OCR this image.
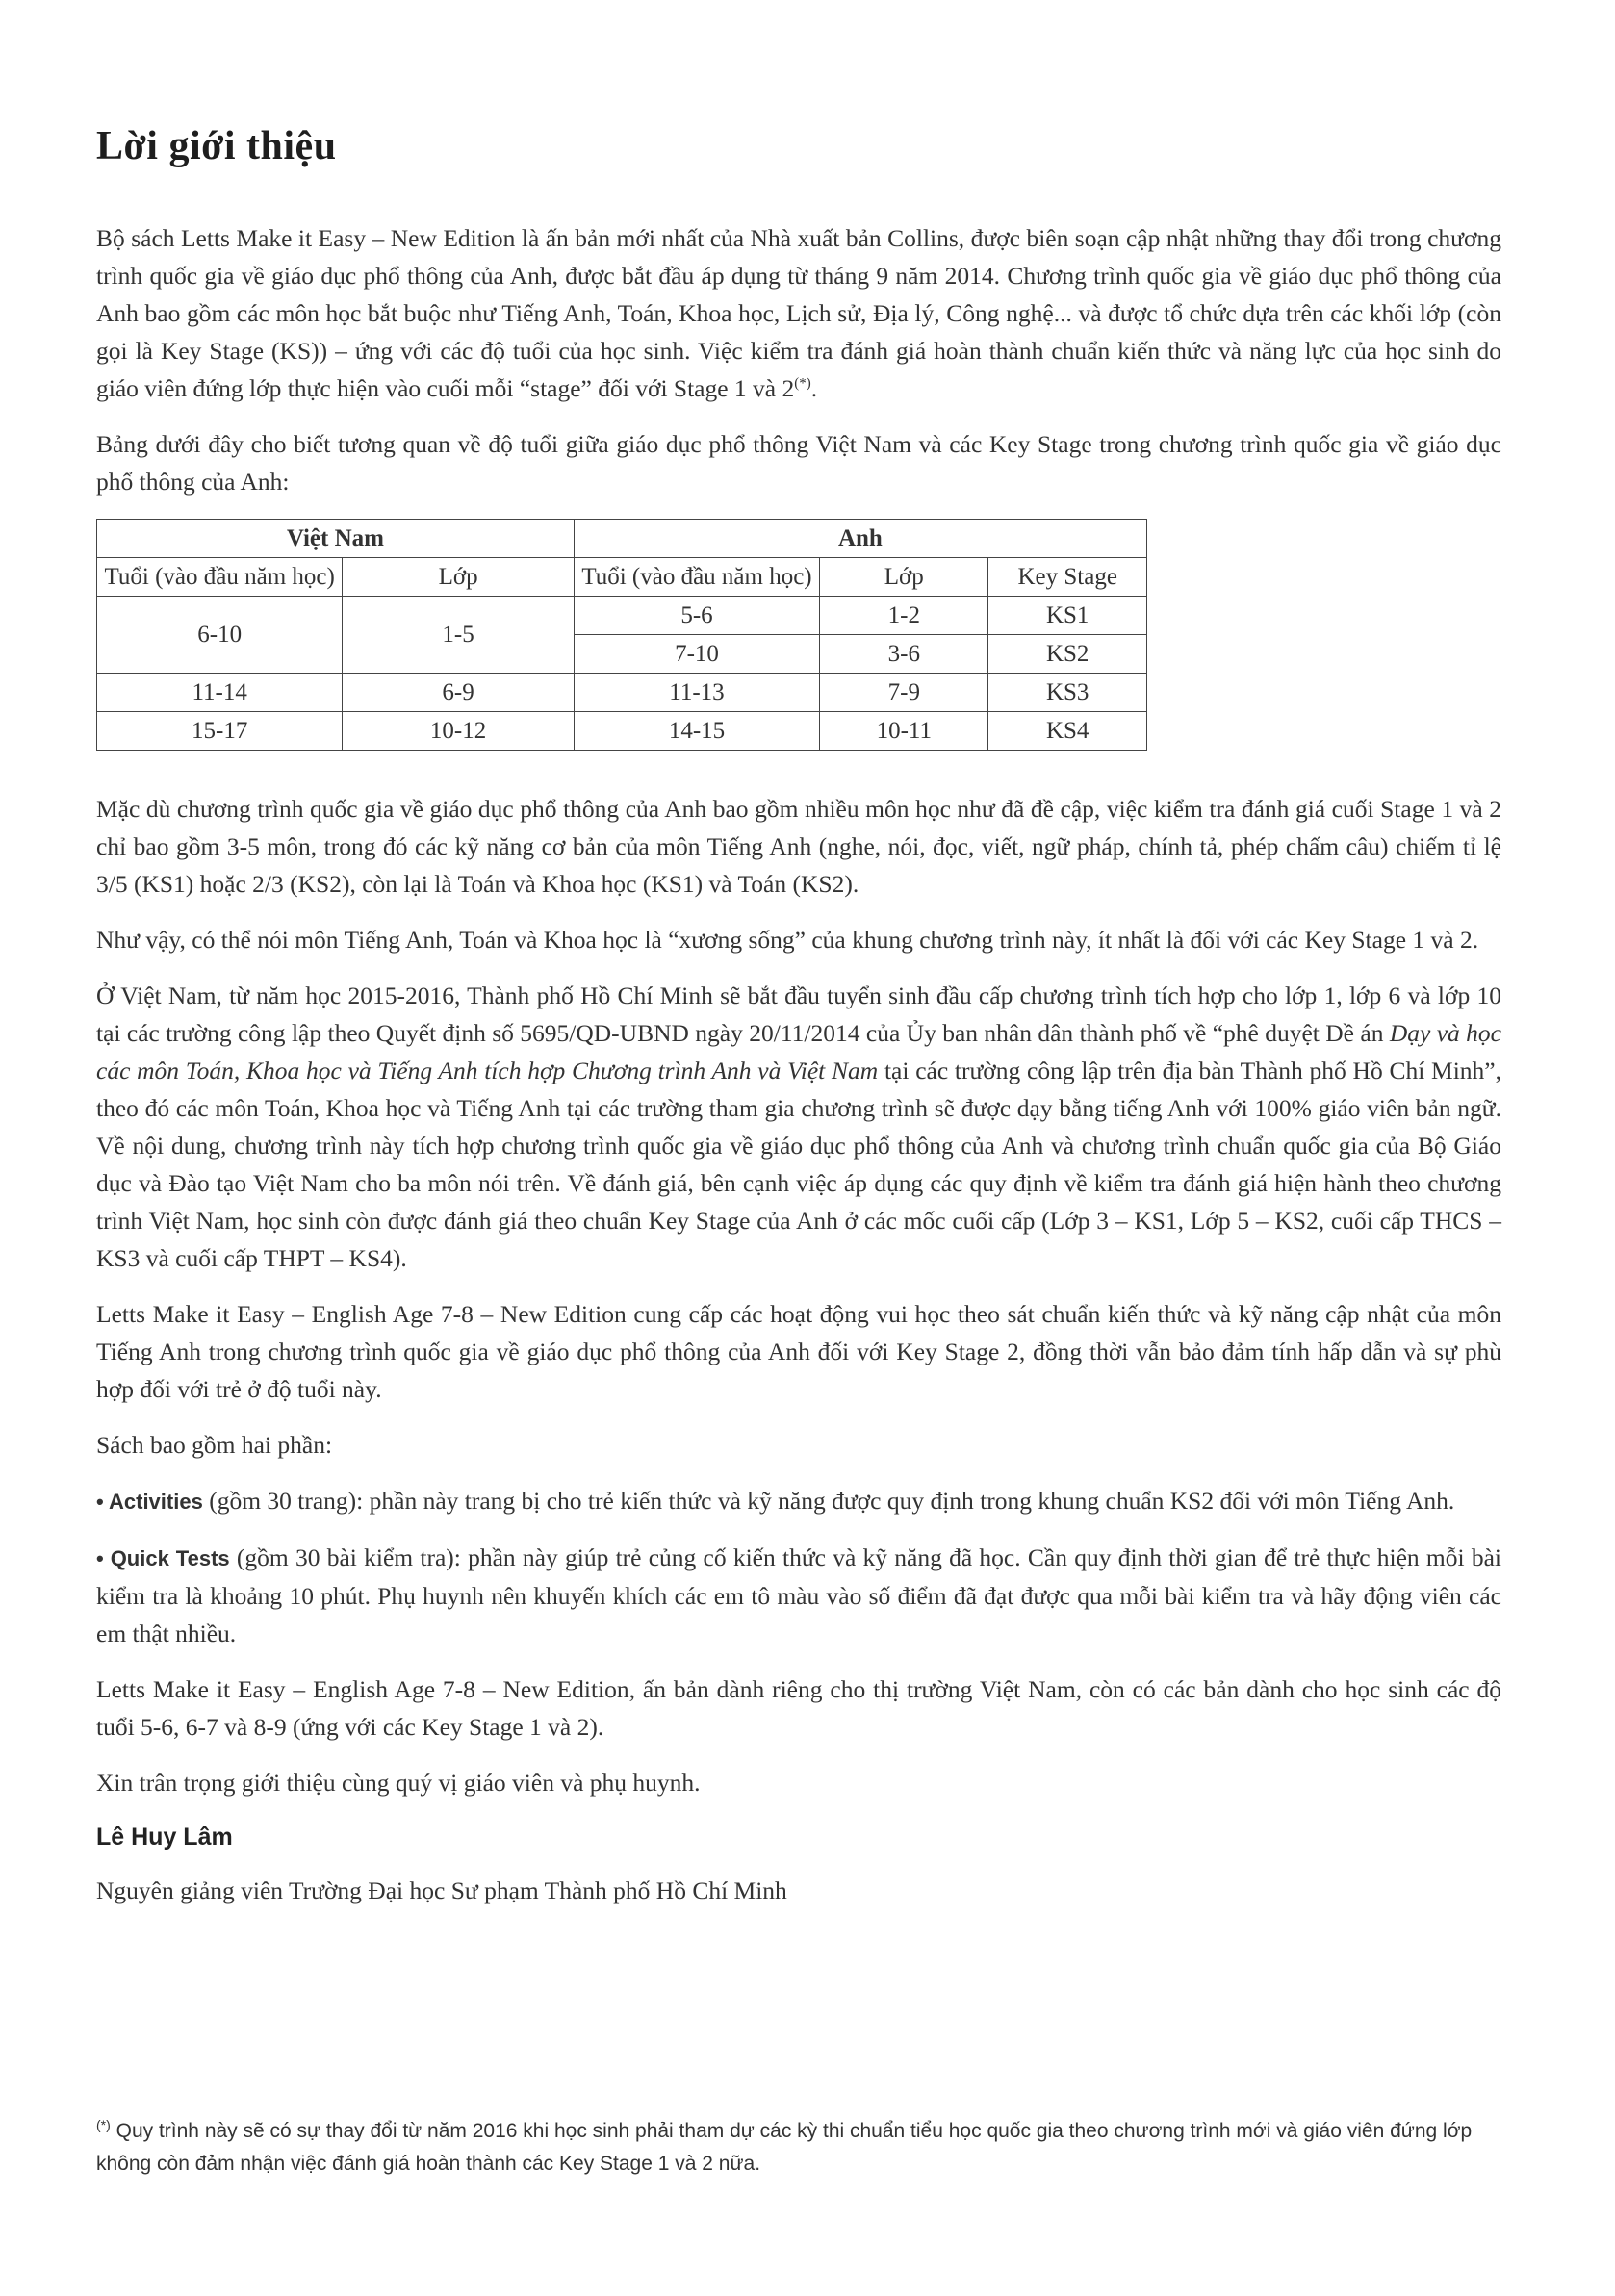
Lời giới thiệu

Bộ sách Letts Make it Easy – New Edition là ấn bản mới nhất của Nhà xuất bản Collins, được biên soạn cập nhật những thay đổi trong chương trình quốc gia về giáo dục phổ thông của Anh, được bắt đầu áp dụng từ tháng 9 năm 2014. Chương trình quốc gia về giáo dục phổ thông của Anh bao gồm các môn học bắt buộc như Tiếng Anh, Toán, Khoa học, Lịch sử, Địa lý, Công nghệ... và được tổ chức dựa trên các khối lớp (còn gọi là Key Stage (KS)) – ứng với các độ tuổi của học sinh. Việc kiểm tra đánh giá hoàn thành chuẩn kiến thức và năng lực của học sinh do giáo viên đứng lớp thực hiện vào cuối mỗi “stage” đối với Stage 1 và 2(*).

Bảng dưới đây cho biết tương quan về độ tuổi giữa giáo dục phổ thông Việt Nam và các Key Stage trong chương trình quốc gia về giáo dục phổ thông của Anh:

Việt Nam		Anh		
Tuổi (vào đầu năm học)	Lớp	Tuổi (vào đầu năm học)	Lớp	Key Stage
6-10	1-5	5-6	1-2	KS1
		7-10	3-6	KS2
11-14	6-9	11-13	7-9	KS3
15-17	10-12	14-15	10-11	KS4

Mặc dù chương trình quốc gia về giáo dục phổ thông của Anh bao gồm nhiều môn học như đã đề cập, việc kiểm tra đánh giá cuối Stage 1 và 2 chỉ bao gồm 3-5 môn, trong đó các kỹ năng cơ bản của môn Tiếng Anh (nghe, nói, đọc, viết, ngữ pháp, chính tả, phép chấm câu) chiếm tỉ lệ 3/5 (KS1) hoặc 2/3 (KS2), còn lại là Toán và Khoa học (KS1) và Toán (KS2).

Như vậy, có thể nói môn Tiếng Anh, Toán và Khoa học là “xương sống” của khung chương trình này, ít nhất là đối với các Key Stage 1 và 2.

Ở Việt Nam, từ năm học 2015-2016, Thành phố Hồ Chí Minh sẽ bắt đầu tuyển sinh đầu cấp chương trình tích hợp cho lớp 1, lớp 6 và lớp 10 tại các trường công lập theo Quyết định số 5695/QĐ-UBND ngày 20/11/2014 của Ủy ban nhân dân thành phố về “phê duyệt Đề án Dạy và học các môn Toán, Khoa học và Tiếng Anh tích hợp Chương trình Anh và Việt Nam tại các trường công lập trên địa bàn Thành phố Hồ Chí Minh”, theo đó các môn Toán, Khoa học và Tiếng Anh tại các trường tham gia chương trình sẽ được dạy bằng tiếng Anh với 100% giáo viên bản ngữ. Về nội dung, chương trình này tích hợp chương trình quốc gia về giáo dục phổ thông của Anh và chương trình chuẩn quốc gia của Bộ Giáo dục và Đào tạo Việt Nam cho ba môn nói trên. Về đánh giá, bên cạnh việc áp dụng các quy định về kiểm tra đánh giá hiện hành theo chương trình Việt Nam, học sinh còn được đánh giá theo chuẩn Key Stage của Anh ở các mốc cuối cấp (Lớp 3 – KS1, Lớp 5 – KS2, cuối cấp THCS – KS3 và cuối cấp THPT – KS4).

Letts Make it Easy – English Age 7-8 – New Edition cung cấp các hoạt động vui học theo sát chuẩn kiến thức và kỹ năng cập nhật của môn Tiếng Anh trong chương trình quốc gia về giáo dục phổ thông của Anh đối với Key Stage 2, đồng thời vẫn bảo đảm tính hấp dẫn và sự phù hợp đối với trẻ ở độ tuổi này.

Sách bao gồm hai phần:

• Activities (gồm 30 trang): phần này trang bị cho trẻ kiến thức và kỹ năng được quy định trong khung chuẩn KS2 đối với môn Tiếng Anh.

• Quick Tests (gồm 30 bài kiểm tra): phần này giúp trẻ củng cố kiến thức và kỹ năng đã học. Cần quy định thời gian để trẻ thực hiện mỗi bài kiểm tra là khoảng 10 phút. Phụ huynh nên khuyến khích các em tô màu vào số điểm đã đạt được qua mỗi bài kiểm tra và hãy động viên các em thật nhiều.

Letts Make it Easy – English Age 7-8 – New Edition, ấn bản dành riêng cho thị trường Việt Nam, còn có các bản dành cho học sinh các độ tuổi 5-6, 6-7 và 8-9 (ứng với các Key Stage 1 và 2).

Xin trân trọng giới thiệu cùng quý vị giáo viên và phụ huynh.

Lê Huy Lâm

Nguyên giảng viên Trường Đại học Sư phạm Thành phố Hồ Chí Minh

(*) Quy trình này sẽ có sự thay đổi từ năm 2016 khi học sinh phải tham dự các kỳ thi chuẩn tiểu học quốc gia theo chương trình mới và giáo viên đứng lớp không còn đảm nhận việc đánh giá hoàn thành các Key Stage 1 và 2 nữa.
